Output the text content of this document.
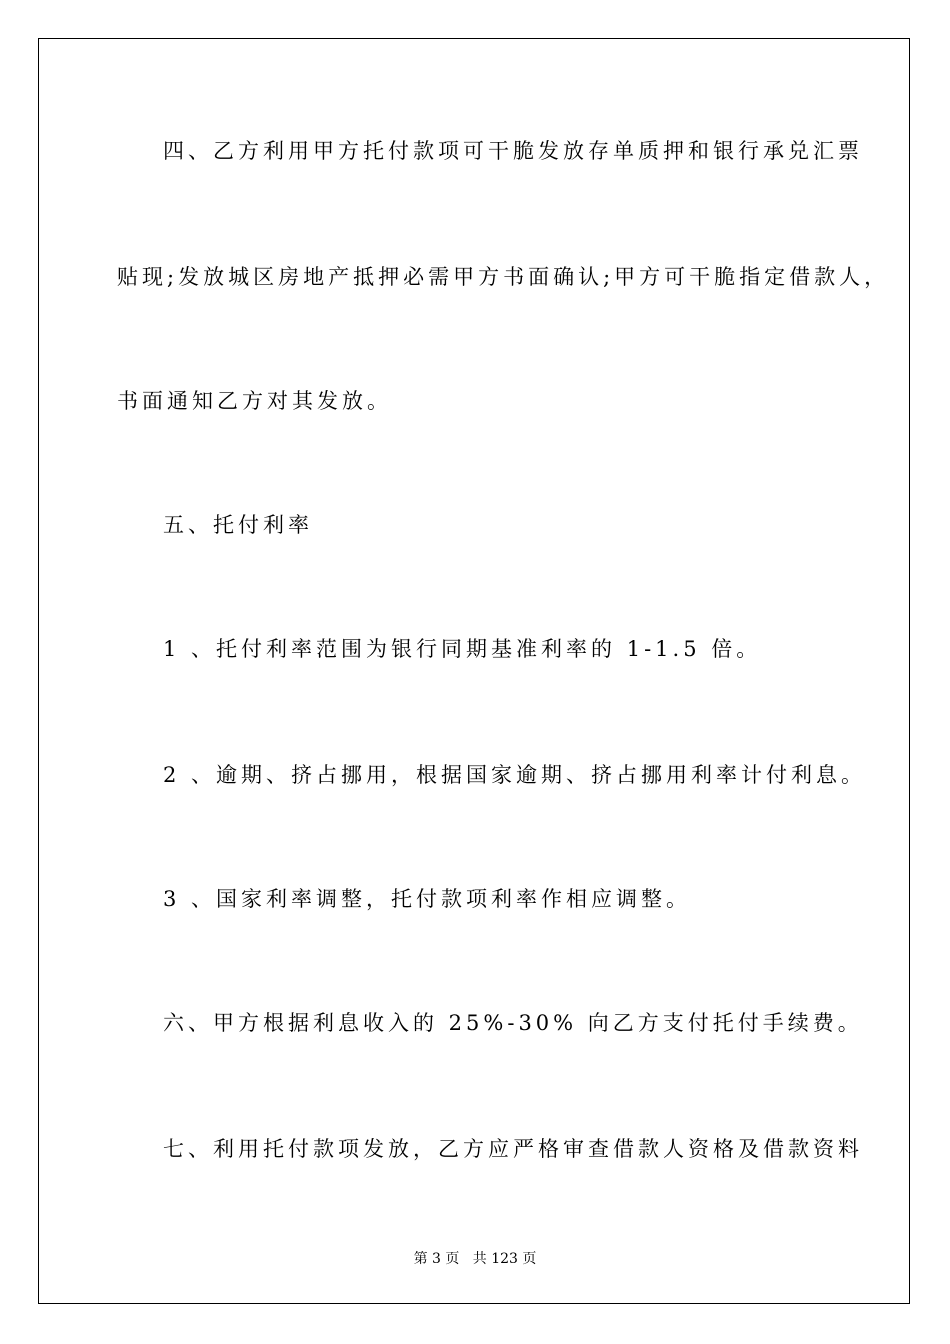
四、乙方利用甲方托付款项可干脆发放存单质押和银行承兑汇票
贴现;发放城区房地产抵押必需甲方书面确认;甲方可干脆指定借款人，
书面通知乙方对其发放。
五、托付利率
1 、托付利率范围为银行同期基准利率的 1-1.5 倍。
2 、逾期、挤占挪用，根据国家逾期、挤占挪用利率计付利息。
3 、国家利率调整，托付款项利率作相应调整。
六、甲方根据利息收入的 25%-30% 向乙方支付托付手续费。
七、利用托付款项发放，乙方应严格审查借款人资格及借款资料
第 3 页   共 123 页
